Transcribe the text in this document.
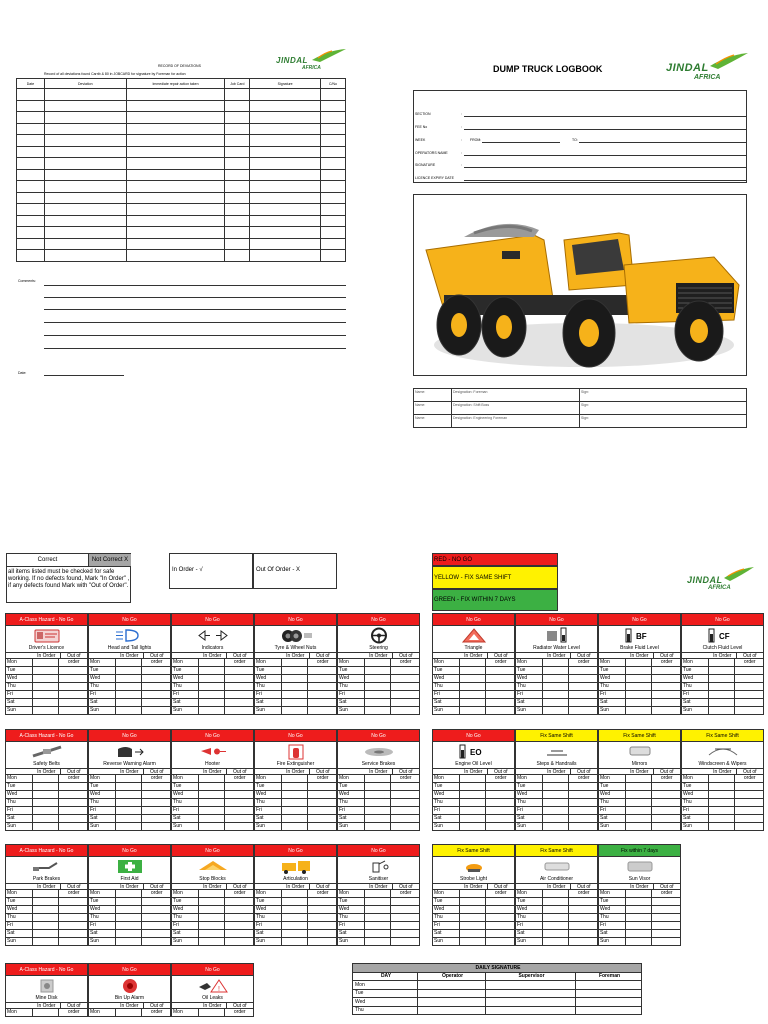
RECORD OF DEVIATIONS
Record of all deviations found Carrib & 80 in JOBCARD for signature by Foreman for action
JINDAL
AFRICA
Date	Deviation	Immediate repair action taken	Job Card	Signature	C/No

Comments:
Date:
DUMP TRUCK LOGBOOK	JINDAL
AFRICA
SECTION	:
FEE No	:
WEEK	: FROM:	TO:
OPERATORS NAME	:
SIGNATURE	:
LICENCE EXPIRY DATE
Name:	Designation: Foreman	Sign:
Name:	Designation: Shift Boss	Sign:
Name:	Designation: Engineering Foreman	Sign:
Correct	Not Correct X
all items listed must be checked for safe working. If no defects found, Mark "In Order" , if any defects found Mark with "Out of Order".
In Order - √	Out Of Order - X
RED - NO GO
YELLOW - FIX SAME SHIFT
GREEN - FIX WITHIN 7 DAYS
JINDAL
AFRICA
A-Class Hazard - No Go
Driver's Licence
In Order	Out of order
Mon
Tue
Wed
Thu
Fri
Sat
Sun
No Go
Head and Tail lights
In Order	Out of order
Mon
Tue
Wed
Thu
Fri
Sat
Sun
No Go
Indicators
In Order	Out of order
Mon
Tue
Wed
Thu
Fri
Sat
Sun
No Go
Tyre & Wheel Nuts
In Order	Out of order
Mon
Tue
Wed
Thu
Fri
Sat
Sun
No Go
Steering
In Order	Out of order
Mon
Tue
Wed
Thu
Fri
Sat
Sun
No Go
Triangle
In Order	Out of order
Mon
Tue
Wed
Thu
Fri
Sat
Sun
No Go
Radiator Water Level
In Order	Out of order
Mon
Tue
Wed
Thu
Fri
Sat
Sun
No Go
BF
Brake Fluid Level
In Order	Out of order
Mon
Tue
Wed
Thu
Fri
Sat
Sun
No Go
CF
Clutch Fluid Level
In Order	Out of order
Mon
Tue
Wed
Thu
Fri
Sat
Sun
A-Class Hazard - No Go
Safety Belts
In Order	Out of order
Mon
Tue
Wed
Thu
Fri
Sat
Sun
No Go
Reverse Warning Alarm
In Order	Out of order
Mon
Tue
Wed
Thu
Fri
Sat
Sun
No Go
Hooter
In Order	Out of order
Mon
Tue
Wed
Thu
Fri
Sat
Sun
No Go
Fire Extinguisher
In Order	Out of order
Mon
Tue
Wed
Thu
Fri
Sat
Sun
No Go
Service Brakes
In Order	Out of order
Mon
Tue
Wed
Thu
Fri
Sat
Sun
No Go
EO
Engine Oil Level
In Order	Out of order
Mon
Tue
Wed
Thu
Fri
Sat
Sun
Fix Same Shift
Steps & Handrails
In Order	Out of order
Mon
Tue
Wed
Thu
Fri
Sat
Sun
Fix Same Shift
Mirrors
In Order	Out of order
Mon
Tue
Wed
Thu
Fri
Sat
Sun
Fix Same Shift
Windscreen & Wipers
In Order	Out of order
Mon
Tue
Wed
Thu
Fri
Sat
Sun
A-Class Hazard - No Go
Park Brakes
In Order	Out of order
Mon
Tue
Wed
Thu
Fri
Sat
Sun
No Go
First Aid
In Order	Out of order
Mon
Tue
Wed
Thu
Fri
Sat
Sun
No Go
Stop Blocks
In Order	Out of order
Mon
Tue
Wed
Thu
Fri
Sat
Sun
No Go
Articulation
In Order	Out of order
Mon
Tue
Wed
Thu
Fri
Sat
Sun
No Go
Sanitiser
In Order	Out of order
Mon
Tue
Wed
Thu
Fri
Sat
Sun
Fix Same Shift
Strobe Light
In Order	Out of order
Mon
Tue
Wed
Thu
Fri
Sat
Sun
Fix Same Shift
Air Conditioner
In Order	Out of order
Mon
Tue
Wed
Thu
Fri
Sat
Sun
Fix within 7 days
Sun Visor
In Order	Out of order
Mon
Tue
Wed
Thu
Fri
Sat
Sun
A-Class Hazard - No Go
Mine Disk
In Order	Out of order
Mon
No Go
Bin Up Alarm
In Order	Out of order
Mon
No Go
!
Oil Leaks
In Order	Out of order
Mon
DAILY SIGNATURE			
DAY	Operator	Supervisor	Foreman
Mon			
Tue			
Wed			
Thu			
